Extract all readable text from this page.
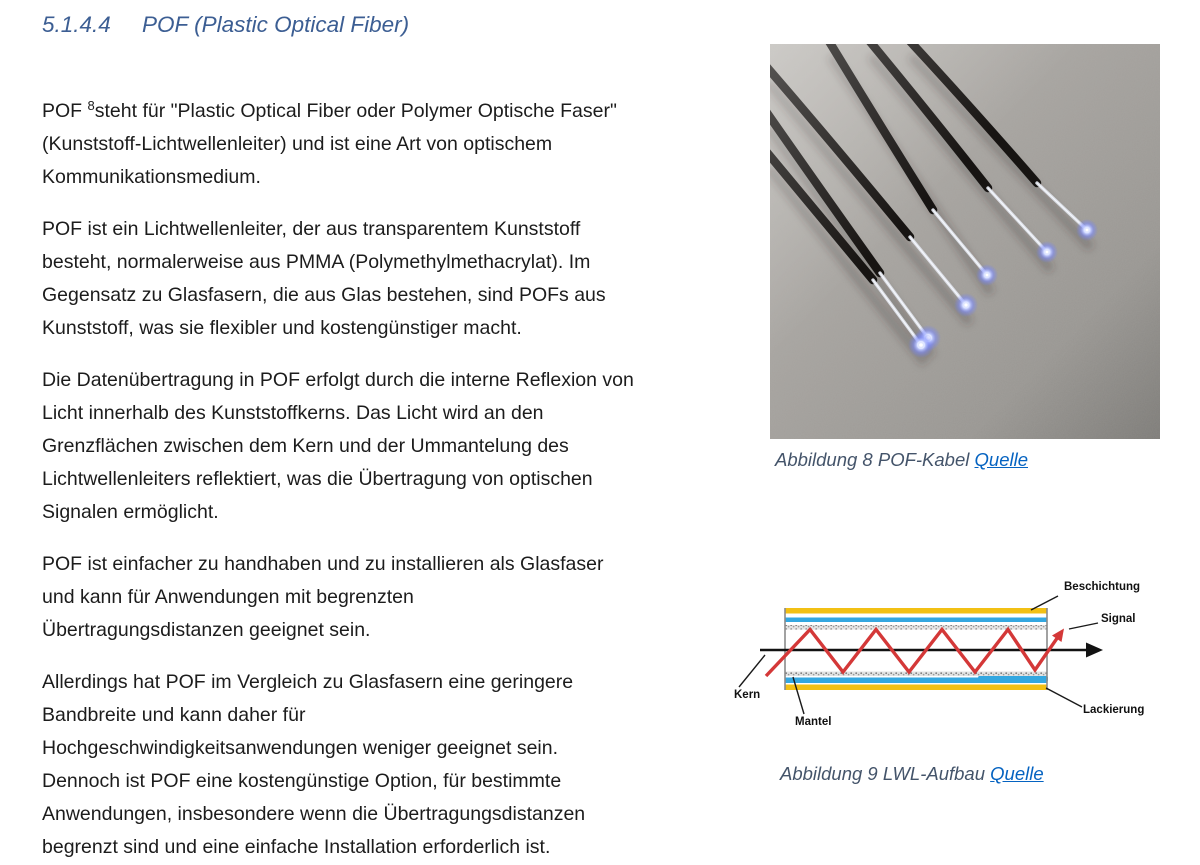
5.1.4.4 POF (Plastic Optical Fiber)

POF $^8$steht für "Plastic Optical Fiber oder Polymer Optische Faser"
(Kunststoff-Lichtwellenleiter) und ist eine Art von optischem
Kommunikationsmedium.

POF ist ein Lichtwellenleiter, der aus transparentem Kunststoff
besteht, normalerweise aus PMMA (Polymethylmethacrylat). Im
Gegensatz zu Glasfasern, die aus Glas bestehen, sind POFs aus
Kunststoff, was sie flexibler und kostengünstiger macht.

Die Datenübertragung in POF erfolgt durch die interne Reflexion von
Licht innerhalb des Kunststoffkerns. Das Licht wird an den
Grenzflächen zwischen dem Kern und der Ummantelung des
Lichtwellenleiters reflektiert, was die Übertragung von optischen
Signalen ermöglicht.

POF ist einfacher zu handhaben und zu installieren als Glasfaser
und kann für Anwendungen mit begrenzten
Übertragungsdistanzen geeignet sein.

Allerdings hat POF im Vergleich zu Glasfasern eine geringere
Bandbreite und kann daher für
Hochgeschwindigkeitsanwendungen weniger geeignet sein.
Dennoch ist POF eine kostengünstige Option, für bestimmte
Anwendungen, insbesondere wenn die Übertragungsdistanzen
begrenzt sind und eine einfache Installation erforderlich ist.

Abbildung 8 POF-Kabel Quelle
Beschichtung
Signal
Kern
Mantel
Lackierung
Abbildung 9 LWL-Aufbau Quelle
